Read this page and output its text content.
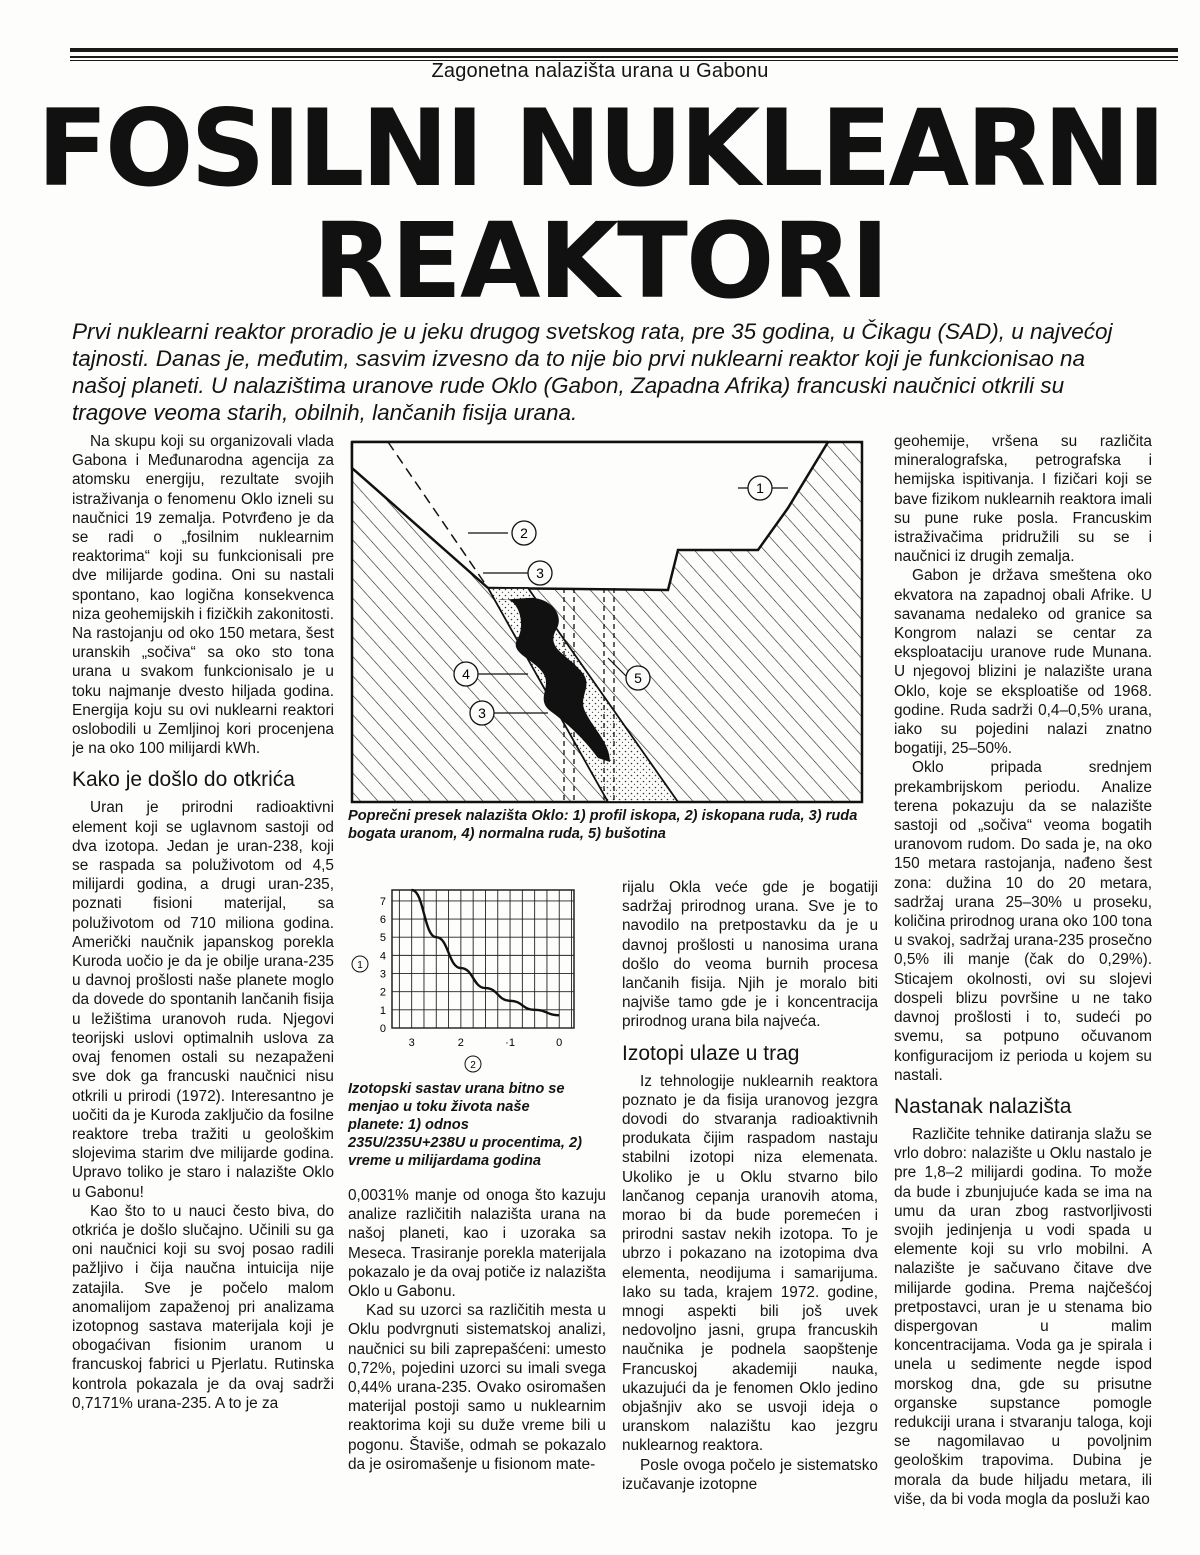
Zagonetna nalazišta urana u Gabonu
FOSILNI NUKLEARNI
REAKTORI
Prvi nuklearni reaktor proradio je u jeku drugog svetskog rata, pre 35 godina, u Čikagu (SAD), u najvećoj tajnosti. Danas je, međutim, sasvim izvesno da to nije bio prvi nuklearni reaktor koji je funkcionisao na našoj planeti. U nalazištima uranove rude Oklo (Gabon, Zapadna Afrika) francuski naučnici otkrili su tragove veoma starih, obilnih, lančanih fisija urana.

Na skupu koji su organizovali vlada Gabona i Međunarodna agencija za atomsku energiju, rezultate svojih istraživanja o fenomenu Oklo izneli su naučnici 19 zemalja. Potvrđeno je da se radi o „fosilnim nuklearnim reaktorima“ koji su funkcionisali pre dve milijarde godina. Oni su nastali spontano, kao logična konsekvenca niza geohemijskih i fizičkih zakonitosti. Na rastojanju od oko 150 metara, šest uranskih „sočiva“ sa oko sto tona urana u svakom funkcionisalo je u toku najmanje dvesto hiljada godina. Energija koju su ovi nuklearni reaktori oslobodili u Zemljinoj kori procenjena je na oko 100 milijardi kWh.

Kako je došlo do otkrića

Uran je prirodni radioaktivni element koji se uglavnom sastoji od dva izotopa. Jedan je uran-238, koji se raspada sa poluživotom od 4,5 milijardi godina, a drugi uran-235, poznati fisioni materijal, sa poluživotom od 710 miliona godina. Američki naučnik japanskog porekla Kuroda uočio je da je obilje urana-235 u davnoj prošlosti naše planete moglo da dovede do spontanih lančanih fisija u ležištima uranovoh ruda. Njegovi teorijski uslovi optimalnih uslova za ovaj fenomen ostali su nezapaženi sve dok ga francuski naučnici nisu otkrili u prirodi (1972). Interesantno je uočiti da je Kuroda zaključio da fosilne reaktore treba tražiti u geološkim slojevima starim dve milijarde godina. Upravo toliko je staro i nalazište Oklo u Gabonu!

Kao što to u nauci često biva, do otkrića je došlo slučajno. Učinili su ga oni naučnici koji su svoj posao radili pažljivo i čija naučna intuicija nije zatajila. Sve je počelo malom anomalijom zapaženoj pri analizama izotopnog sastava materijala koji je obogaćivan fisionim uranom u francuskoj fabrici u Pjerlatu. Rutinska kontrola pokazala je da ovaj sadrži 0,7171% urana-235. A to je za

1
2
3
4
3
5
Poprečni presek nalazišta Oklo: 1) profil iskopa, 2) iskopana ruda, 3) ruda bogata uranom, 4) normalna ruda, 5) bušotina
0
1
2
3
4
5
6
7
3	2	·1	0
1
2
Izotopski sastav urana bitno se menjao u toku života naše planete: 1) odnos 235U/235U+238U u procentima, 2) vreme u milijardama godina

0,0031% manje od onoga što kazuju analize različitih nalazišta urana na našoj planeti, kao i uzoraka sa Meseca. Trasiranje porekla materijala pokazalo je da ovaj potiče iz nalazišta Oklo u Gabonu.

Kad su uzorci sa različitih mesta u Oklu podvrgnuti sistematskoj analizi, naučnici su bili zaprepašćeni: umesto 0,72%, pojedini uzorci su imali svega 0,44% urana-235. Ovako osiromašen materijal postoji samo u nuklearnim reaktorima koji su duže vreme bili u pogonu. Štaviše, odmah se pokazalo da je osiromašenje u fisionom mate-

rijalu Okla veće gde je bogatiji sadržaj prirodnog urana. Sve je to navodilo na pretpostavku da je u davnoj prošlosti u nanosima urana došlo do veoma burnih procesa lančanih fisija. Njih je moralo biti najviše tamo gde je i koncentracija prirodnog urana bila najveća.

Izotopi ulaze u trag

Iz tehnologije nuklearnih reaktora poznato je da fisija uranovog jezgra dovodi do stvaranja radioaktivnih produkata čijim raspadom nastaju stabilni izotopi niza elemenata. Ukoliko je u Oklu stvarno bilo lančanog cepanja uranovih atoma, morao bi da bude poremećen i prirodni sastav nekih izotopa. To je ubrzo i pokazano na izotopima dva elementa, neodijuma i samarijuma. Iako su tada, krajem 1972. godine, mnogi aspekti bili još uvek nedovoljno jasni, grupa francuskih naučnika je podnela saopštenje Francuskoj akademiji nauka, ukazujući da je fenomen Oklo jedino objašnjiv ako se usvoji ideja o uranskom nalazištu kao jezgru nuklearnog reaktora.

Posle ovoga počelo je sistematsko izučavanje izotopne

geohemije, vršena su različita mineralografska, petrografska i hemijska ispitivanja. I fizičari koji se bave fizikom nuklearnih reaktora imali su pune ruke posla. Francuskim istraživačima pridružili su se i naučnici iz drugih zemalja.

Gabon je država smeštena oko ekvatora na zapadnoj obali Afrike. U savanama nedaleko od granice sa Kongrom nalazi se centar za eksploataciju uranove rude Munana. U njegovoj blizini je nalazište urana Oklo, koje se eksploatiše od 1968. godine. Ruda sadrži 0,4–0,5% urana, iako su pojedini nalazi znatno bogatiji, 25–50%.

Oklo pripada srednjem prekambrijskom periodu. Analize terena pokazuju da se nalazište sastoji od „sočiva“ veoma bogatih uranovom rudom. Do sada je, na oko 150 metara rastojanja, nađeno šest zona: dužina 10 do 20 metara, sadržaj urana 25–30% u proseku, količina prirodnog urana oko 100 tona u svakoj, sadržaj urana-235 prosečno 0,5% ili manje (čak do 0,29%). Sticajem okolnosti, ovi su slojevi dospeli blizu površine u ne tako davnoj prošlosti i to, sudeći po svemu, sa potpuno očuvanom konfiguracijom iz perioda u kojem su nastali.

Nastanak nalazišta

Različite tehnike datiranja slažu se vrlo dobro: nalazište u Oklu nastalo je pre 1,8–2 milijardi godina. To može da bude i zbunjujuće kada se ima na umu da uran zbog rastvorljivosti svojih jedinjenja u vodi spada u elemente koji su vrlo mobilni. A nalazište je sačuvano čitave dve milijarde godina. Prema najčešćoj pretpostavci, uran je u stenama bio dispergovan u malim koncentracijama. Voda ga je spirala i unela u sedimente negde ispod morskog dna, gde su prisutne organske supstance pomogle redukciji urana i stvaranju taloga, koji se nagomilavao u povoljnim geološkim trapovima. Dubina je morala da bude hiljadu metara, ili više, da bi voda mogla da posluži kao
